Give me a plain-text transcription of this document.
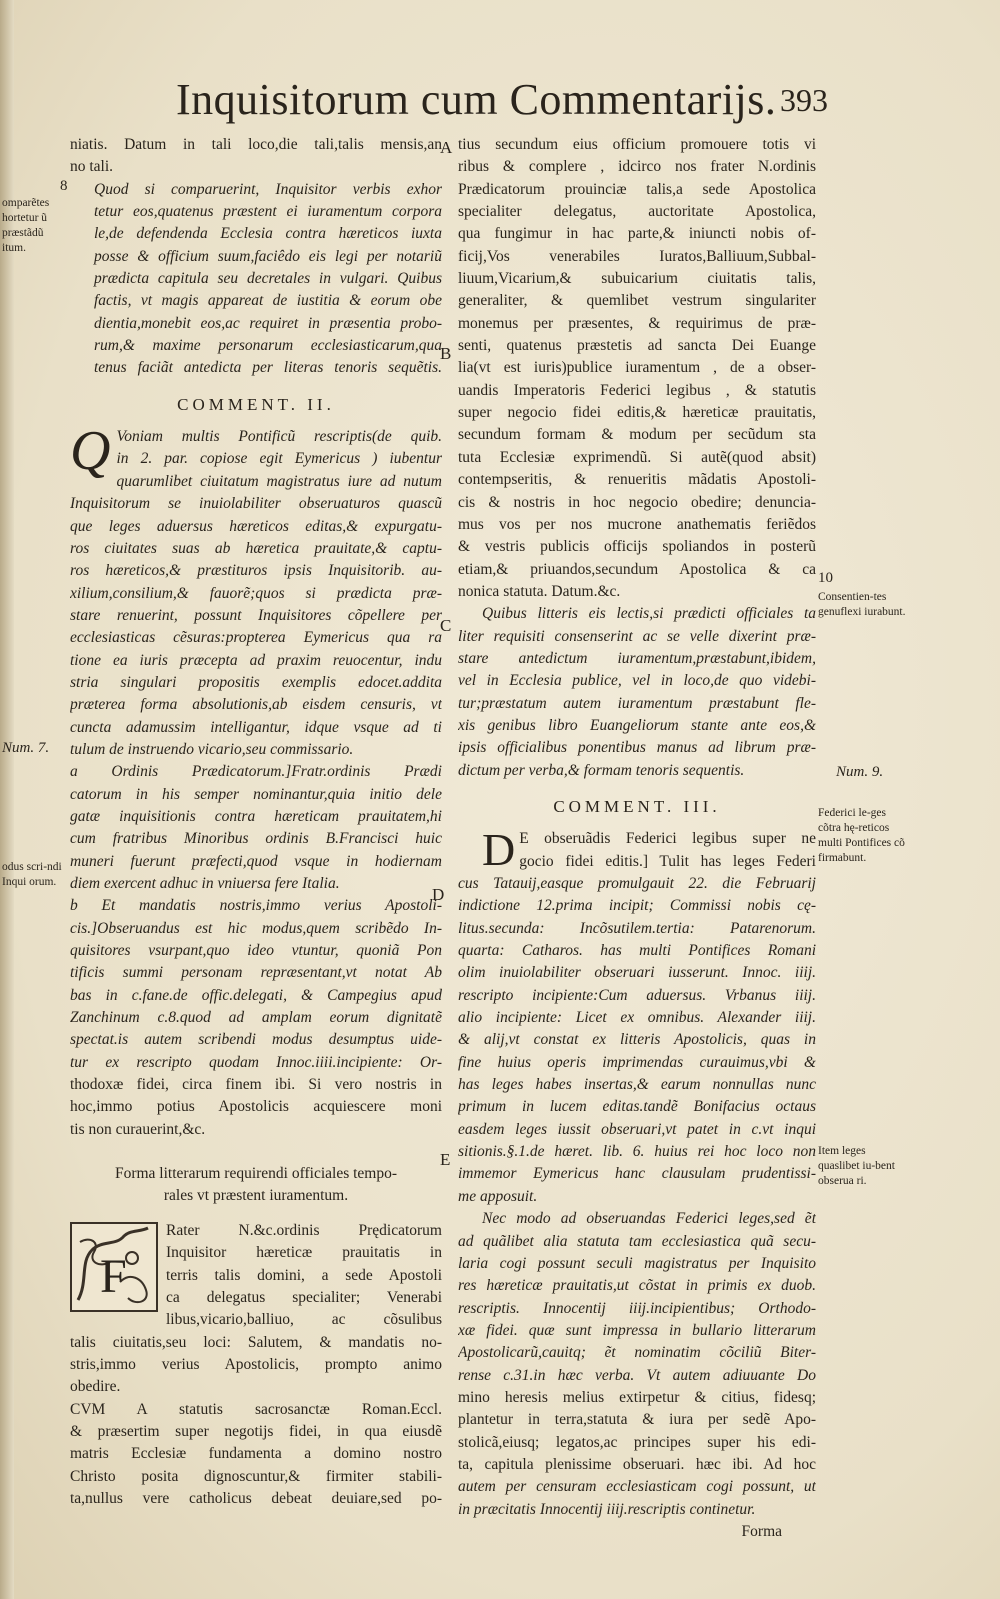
Inquisitorum cum Commentarijs. 393
A
B
C
D
E
8
10
Num. 7.
Num. 9.
omparẽtes hortetur ũ præstãdũ itum.
odus scri-ndi Inqui orum.
Consentien-tes genuflexi iurabunt.
Federici le-ges cõtra hę-reticos multi Pontifices cõ firmabunt.
Item leges quaslibet iu-bent obserua ri.

niatis. Datum in tali loco,die tali,talis mensis,an

no tali.

Quod si comparuerint, Inquisitor verbis exhor

tetur eos,quatenus præstent ei iuramentum corpora

le,de defendenda Ecclesia contra hæreticos iuxta

posse & officium suum,faciêdo eis legi per notariũ

prædicta capitula seu decretales in vulgari. Quibus

factis, vt magis appareat de iustitia & eorum obe

dientia,monebit eos,ac requiret in præsentia probo-

rum,& maxime personarum ecclesiasticarum,qua

tenus faciãt antedicta per literas tenoris sequẽtis.

COMMENT. II.

Q Voniam multis Pontificũ rescriptis(de quib.

in 2. par. copiose egit Eymericus ) iubentur

quarumlibet ciuitatum magistratus iure ad nutum

Inquisitorum se inuiolabiliter obseruaturos quascũ

que leges aduersus hæreticos editas,& expurgatu-

ros ciuitates suas ab hæretica prauitate,& captu-

ros hæreticos,& præstituros ipsis Inquisitorib. au-

xilium,consilium,& fauorẽ;quos si prædicta præ-

stare renuerint, possunt Inquisitores cõpellere per

ecclesiasticas cẽsuras:propterea Eymericus qua ra

tione ea iuris præcepta ad praxim reuocentur, indu

stria singulari propositis exemplis edocet.addita

præterea forma absolutionis,ab eisdem censuris, vt

cuncta adamussim intelligantur, idque vsque ad ti

tulum de instruendo vicario,seu commissario.

a Ordinis Prædicatorum.]Fratr.ordinis Prædi

catorum in his semper nominantur,quia initio dele

gatæ inquisitionis contra hæreticam prauitatem,hi

cum fratribus Minoribus ordinis B.Francisci huic

muneri fuerunt præfecti,quod vsque in hodiernam

diem exercent adhuc in vniuersa fere Italia.

b Et mandatis nostris,immo verius Apostoli-

cis.]Obseruandus est hic modus,quem scribẽdo In-

quisitores vsurpant,quo ideo vtuntur, quoniã Pon

tificis summi personam repræsentant,vt notat Ab

bas in c.fane.de offic.delegati, & Campegius apud

Zanchinum c.8.quod ad amplam eorum dignitatẽ

spectat.is autem scribendi modus desumptus uide-

tur ex rescripto quodam Innoc.iiii.incipiente: Or-

thodoxæ fidei, circa finem ibi. Si vero nostris in

hoc,immo potius Apostolicis acquiescere moni

tis non curauerint,&c.

Forma litterarum requirendi officiales tempo-

rales vt præstent iuramentum.

F

Rater N.&c.ordinis Prędicatorum

Inquisitor hæreticæ prauitatis in

terris talis domini, a sede Apostoli

ca delegatus specialiter; Venerabi

libus,vicario,balliuo, ac cõsulibus

talis ciuitatis,seu loci: Salutem, & mandatis no-

stris,immo verius Apostolicis, prompto animo

obedire.

CVM A statutis sacrosanctæ Roman.Eccl.

& præsertim super negotijs fidei, in qua eiusdẽ

matris Ecclesiæ fundamenta a domino nostro

Christo posita dignoscuntur,& firmiter stabili-

ta,nullus vere catholicus debeat deuiare,sed po-

tius secundum eius officium promouere totis vi

ribus & complere , idcirco nos frater N.ordinis

Prædicatorum prouinciæ talis,a sede Apostolica

specialiter delegatus, auctoritate Apostolica,

qua fungimur in hac parte,& iniuncti nobis of-

ficij,Vos venerabiles Iuratos,Balliuum,Subbal-

liuum,Vicarium,& subuicarium ciuitatis talis,

generaliter, & quemlibet vestrum singulariter

monemus per præsentes, & requirimus de præ-

senti, quatenus præstetis ad sancta Dei Euange

lia(vt est iuris)publice iuramentum , de a obser-

uandis Imperatoris Federici legibus , & statutis

super negocio fidei editis,& hæreticæ prauitatis,

secundum formam & modum per secũdum sta

tuta Ecclesiæ exprimendũ. Si autẽ(quod absit)

contempseritis, & renueritis mãdatis Apostoli-

cis & nostris in hoc negocio obedire; denuncia-

mus vos per nos mucrone anathematis feriẽdos

& vestris publicis officijs spoliandos in posterũ

etiam,& priuandos,secundum Apostolica & ca

nonica statuta. Datum.&c.

Quibus litteris eis lectis,si prædicti officiales ta

liter requisiti consenserint ac se velle dixerint præ-

stare antedictum iuramentum,præstabunt,ibidem,

vel in Ecclesia publice, vel in loco,de quo videbi-

tur;præstatum autem iuramentum præstabunt fle-

xis genibus libro Euangeliorum stante ante eos,&

ipsis officialibus ponentibus manus ad librum præ-

dictum per verba,& formam tenoris sequentis.

COMMENT. III.

D E obseruãdis Federici legibus super ne

gocio fidei editis.] Tulit has leges Federi

cus Tatauij,easque promulgauit 22. die Februarij

indictione 12.prima incipit; Commissi nobis cę-

litus.secunda: Incõsutilem.tertia: Patarenorum.

quarta: Catharos. has multi Pontifices Romani

olim inuiolabiliter obseruari iusserunt. Innoc. iiij.

rescripto incipiente:Cum aduersus. Vrbanus iiij.

alio incipiente: Licet ex omnibus. Alexander iiij.

& alij,vt constat ex litteris Apostolicis, quas in

fine huius operis imprimendas curauimus,vbi &

has leges habes insertas,& earum nonnullas nunc

primum in lucem editas.tandẽ Bonifacius octaus

easdem leges iussit obseruari,vt patet in c.vt inqui

sitionis.§.1.de hæret. lib. 6. huius rei hoc loco non

immemor Eymericus hanc clausulam prudentissi-

me apposuit.

Nec modo ad obseruandas Federici leges,sed ẽt

ad quãlibet alia statuta tam ecclesiastica quã secu-

laria cogi possunt seculi magistratus per Inquisito

res hæreticæ prauitatis,ut cõstat in primis ex duob.

rescriptis. Innocentij iiij.incipientibus; Orthodo-

xæ fidei. quæ sunt impressa in bullario litterarum

Apostolicarũ,cauitq; ẽt nominatim cõciliũ Biter-

rense c.31.in hæc verba. Vt autem adiuuante Do

mino heresis melius extirpetur & citius, fidesq;

plantetur in terra,statuta & iura per sedẽ Apo-

stolicã,eiusq; legatos,ac principes super his edi-

ta, capitula plenissime obseruari. hæc ibi. Ad hoc

autem per censuram ecclesiasticam cogi possunt, ut

in præcitatis Innocentij iiij.rescriptis continetur.

Forma
